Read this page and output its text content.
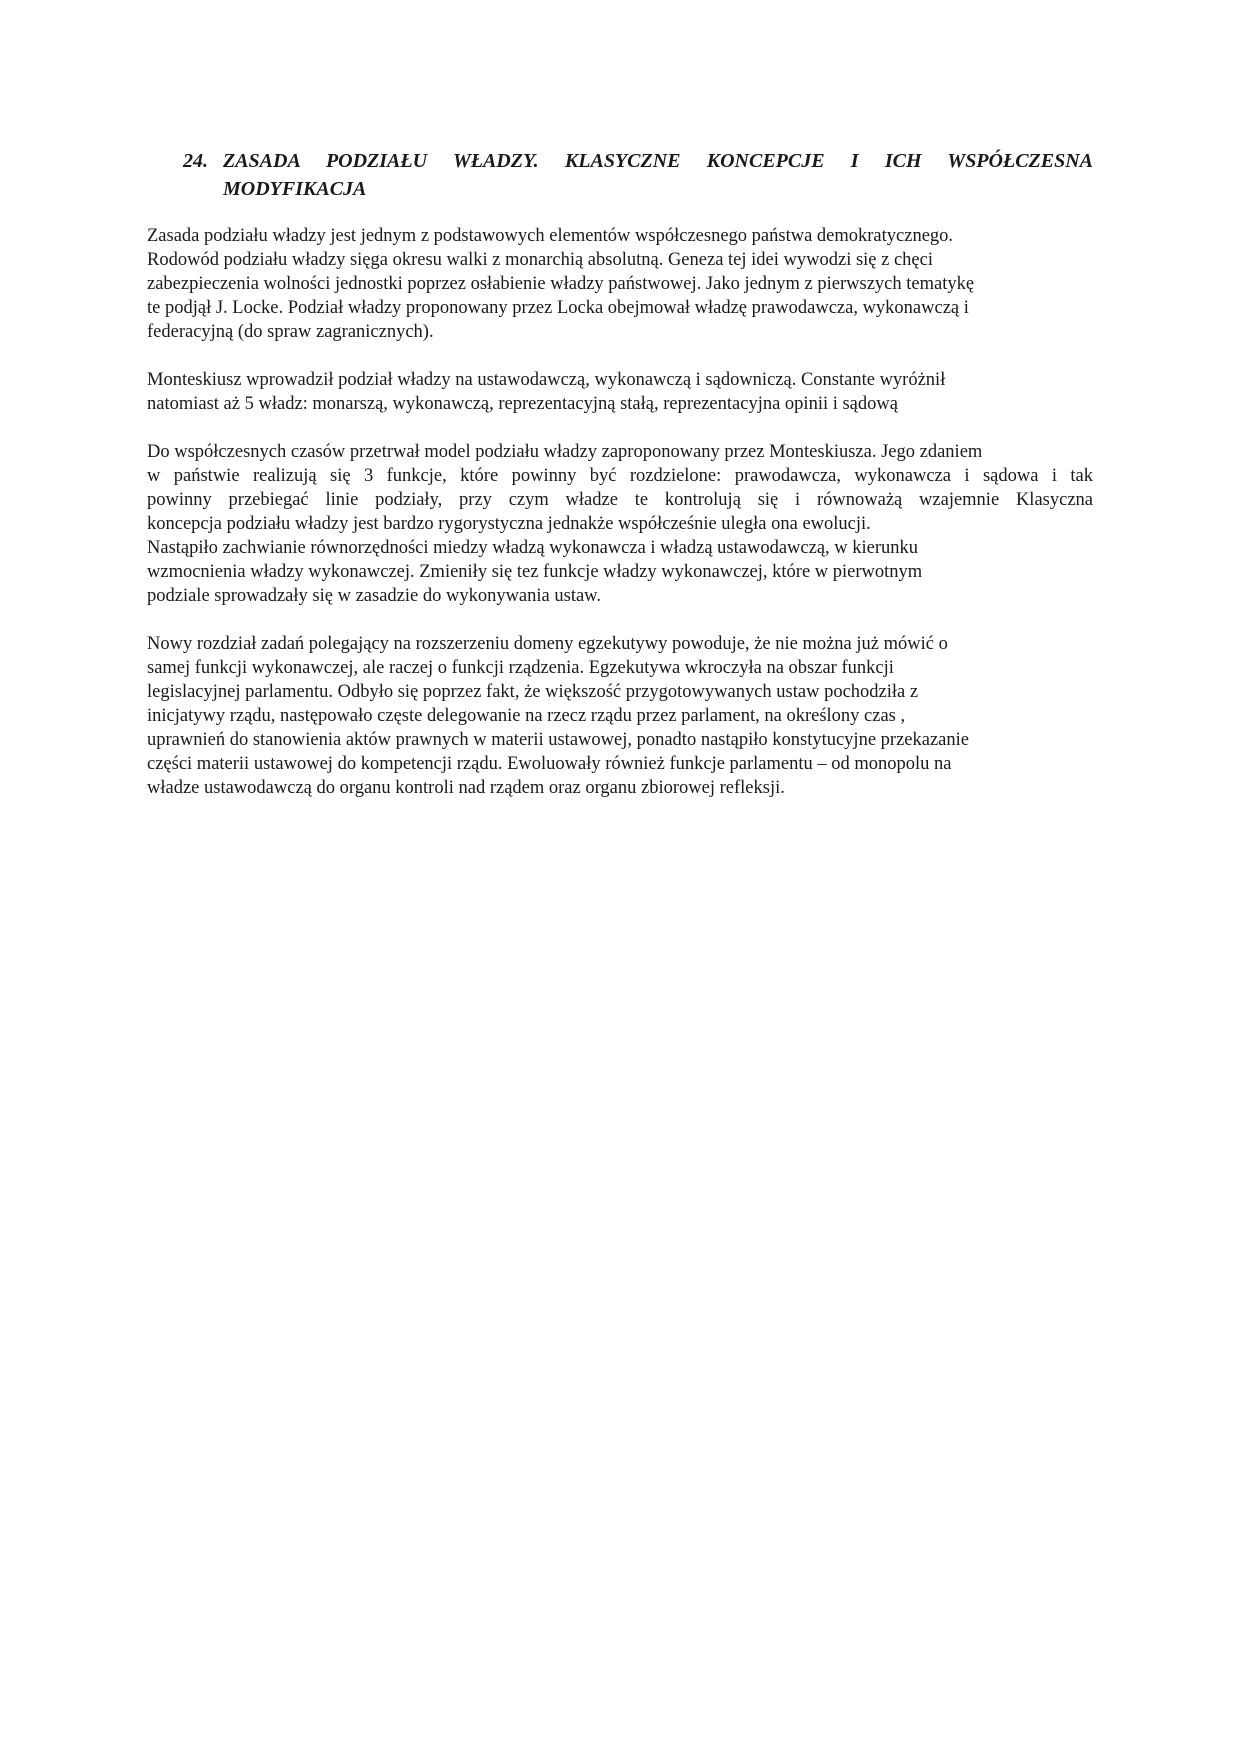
24. ZASADA PODZIAŁU WŁADZY. KLASYCZNE KONCEPCJE I ICH WSPÓŁCZESNA
MODYFIKACJA

Zasada podziału władzy jest jednym z podstawowych elementów współczesnego państwa demokratycznego.
Rodowód podziału władzy sięga okresu walki z monarchią absolutną. Geneza tej idei wywodzi się z chęci
zabezpieczenia wolności jednostki poprzez osłabienie władzy państwowej. Jako jednym z pierwszych tematykę
te podjął J. Locke. Podział władzy proponowany przez Locka obejmował władzę prawodawcza, wykonawczą i
federacyjną (do spraw zagranicznych).

Monteskiusz wprowadził podział władzy na ustawodawczą, wykonawczą i sądowniczą. Constante wyróżnił
natomiast aż 5 władz: monarszą, wykonawczą, reprezentacyjną stałą, reprezentacyjna opinii i sądową

Do współczesnych czasów przetrwał model podziału władzy zaproponowany przez Monteskiusza. Jego zdaniem
w państwie realizują się 3 funkcje, które powinny być rozdzielone: prawodawcza, wykonawcza i sądowa i tak
powinny przebiegać linie podziały, przy czym władze te kontrolują się i równoważą wzajemnie Klasyczna
koncepcja podziału władzy jest bardzo rygorystyczna jednakże współcześnie uległa ona ewolucji.
Nastąpiło zachwianie równorzędności miedzy władzą wykonawcza i władzą ustawodawczą, w kierunku
wzmocnienia władzy wykonawczej. Zmieniły się tez funkcje władzy wykonawczej, które w pierwotnym
podziale sprowadzały się w zasadzie do wykonywania ustaw.

Nowy rozdział zadań polegający na rozszerzeniu domeny egzekutywy powoduje, że nie można już mówić o
samej funkcji wykonawczej, ale raczej o funkcji rządzenia. Egzekutywa wkroczyła na obszar funkcji
legislacyjnej parlamentu. Odbyło się poprzez fakt, że większość przygotowywanych ustaw pochodziła z
inicjatywy rządu, następowało częste delegowanie na rzecz rządu przez parlament, na określony czas ,
uprawnień do stanowienia aktów prawnych w materii ustawowej, ponadto nastąpiło konstytucyjne przekazanie
części materii ustawowej do kompetencji rządu. Ewoluowały również funkcje parlamentu – od monopolu na
władze ustawodawczą do organu kontroli nad rządem oraz organu zbiorowej refleksji.
